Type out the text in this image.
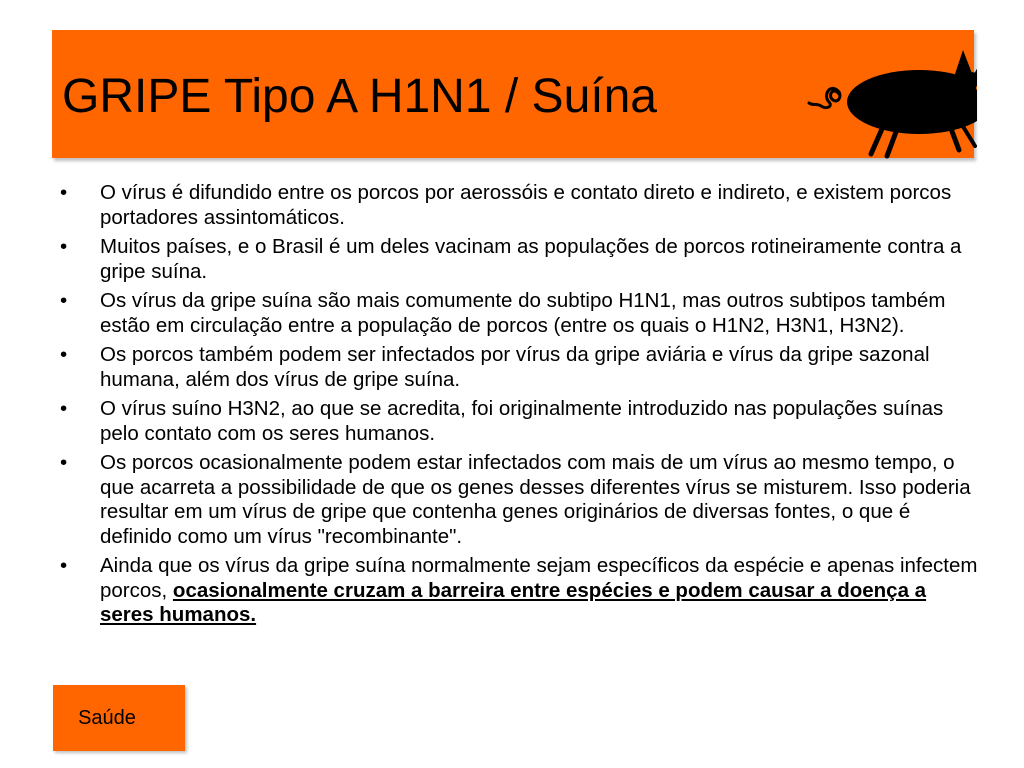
GRIPE Tipo A H1N1 / Suína
•	O vírus é difundido entre os porcos por aerossóis e contato direto e indireto, e existem porcos portadores assintomáticos.
•	Muitos países, e o Brasil é um deles vacinam as populações de porcos rotineiramente contra a gripe suína.
•	Os vírus da gripe suína são mais comumente do subtipo H1N1, mas outros subtipos também estão em circulação entre a população de porcos (entre os quais o H1N2, H3N1, H3N2).
•	Os porcos também podem ser infectados por vírus da gripe aviária e vírus da gripe sazonal humana, além dos vírus de gripe suína.
•	O vírus suíno H3N2, ao que se acredita, foi originalmente introduzido nas populações suínas pelo contato com os seres humanos.
•	Os porcos ocasionalmente podem estar infectados com mais de um vírus ao mesmo tempo, o que acarreta a possibilidade de que os genes desses diferentes vírus se misturem. Isso poderia resultar em um vírus de gripe que contenha genes originários de diversas fontes, o que é definido como um vírus "recombinante".
•	Ainda que os vírus da gripe suína normalmente sejam específicos da espécie e apenas infectem porcos, ocasionalmente cruzam a barreira entre espécies e podem causar a doença a seres humanos.
Saúde
